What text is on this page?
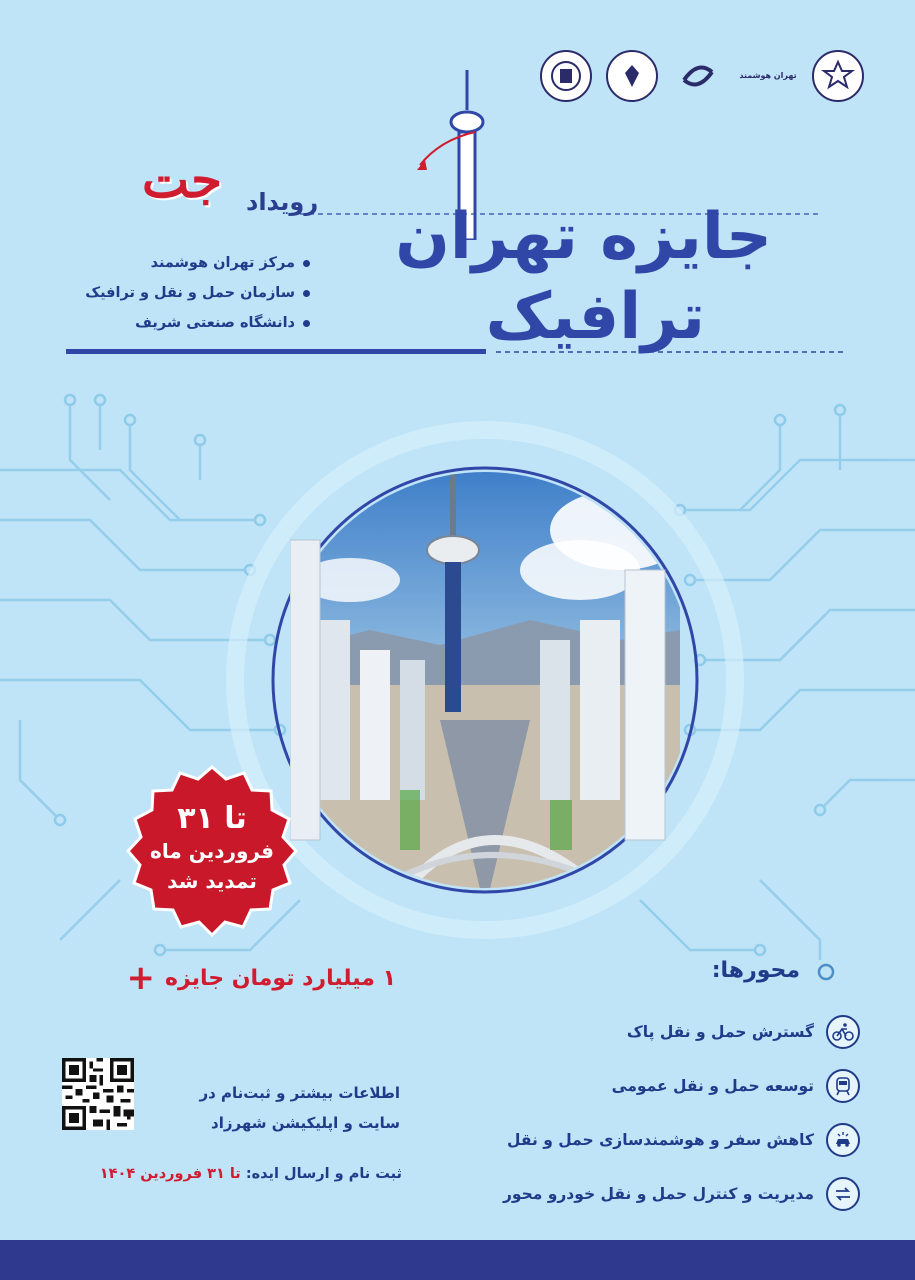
تهران هوشمند
رویداد
جت
مرکز تهران هوشمند
سازمان حمل و نقل و ترافیک
دانشگاه صنعتی شریف
جایزه تهران
ترافیک
تا ۳۱
فروردین ماه
تمدید شد
+ ۱ میلیارد تومان جایزه	محورها:
گسترش حمل و نقل پاک
توسعه حمل و نقل عمومی
کاهش سفر و هوشمندسازی حمل و نقل
مدیریت و کنترل حمل و نقل خودرو محور
اطلاعات بیشتر و ثبت‌نام در
سایت و اپلیکیشن شهرزاد
ثبت نام و ارسال ایده: تا ۳۱ فروردین ۱۴۰۴
